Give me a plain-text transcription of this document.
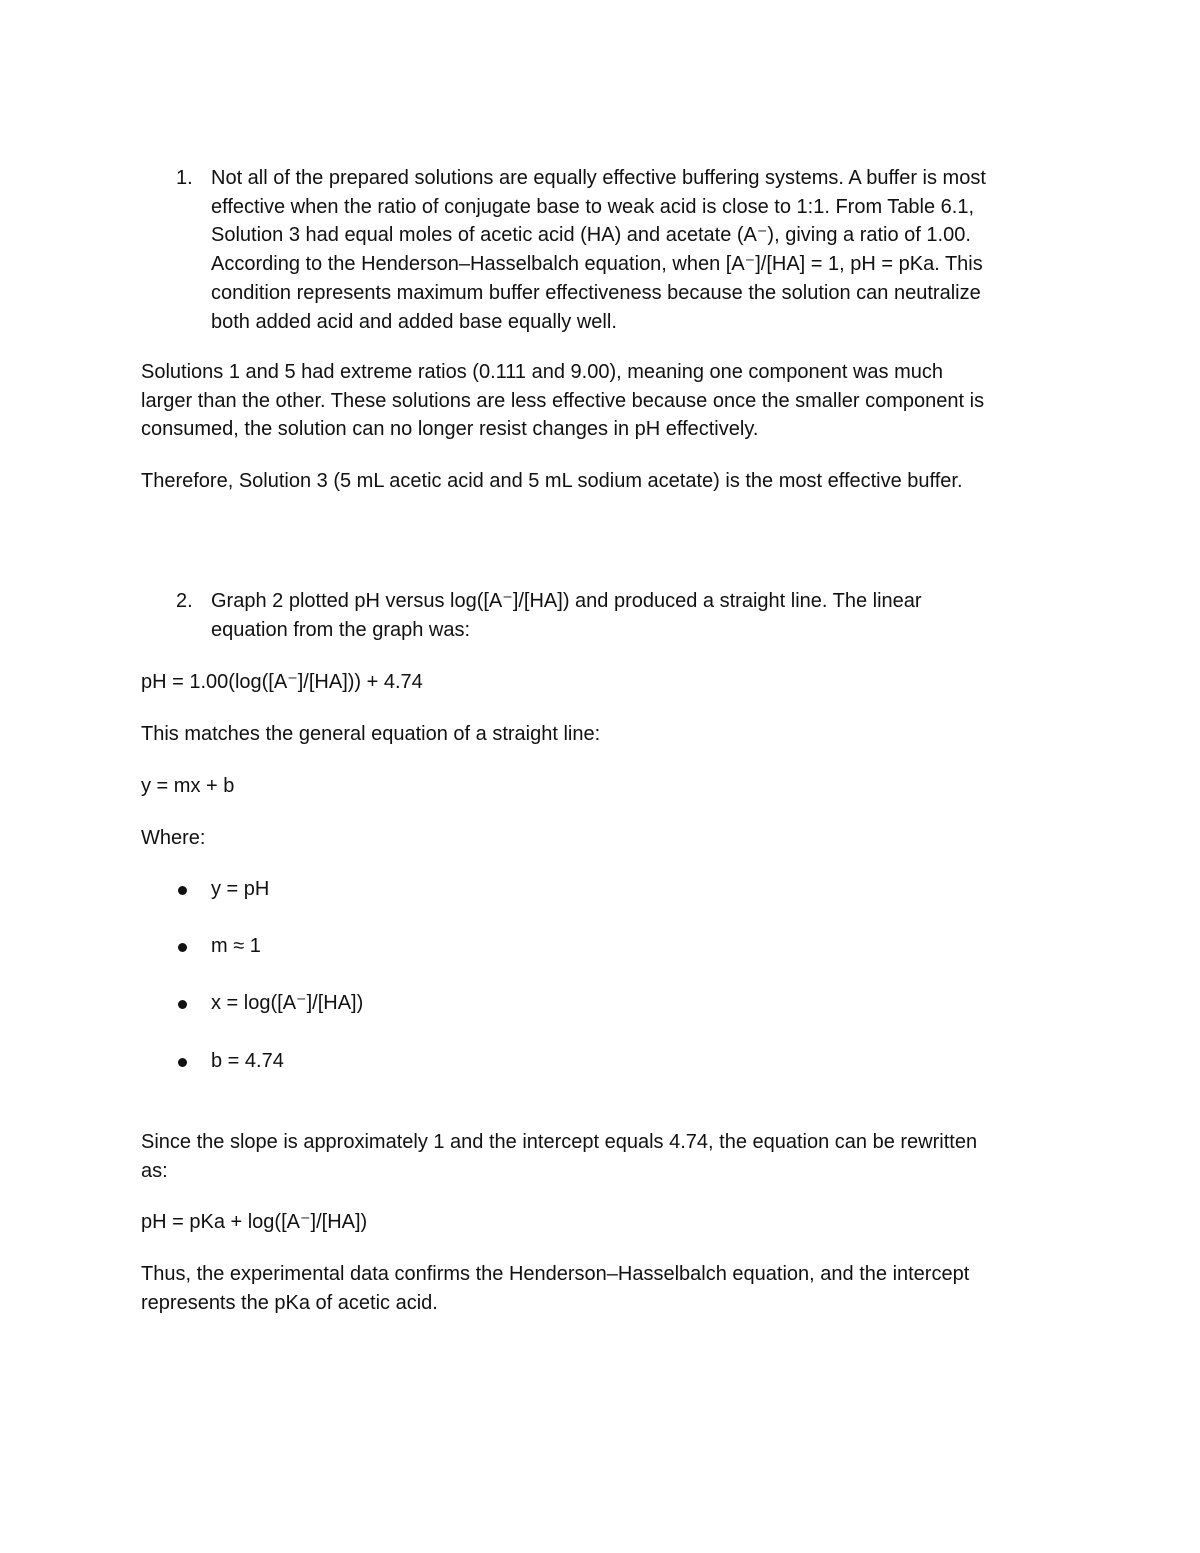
1. Not all of the prepared solutions are equally effective buffering systems. A buffer is most
effective when the ratio of conjugate base to weak acid is close to 1:1. From Table 6.1,
Solution 3 had equal moles of acetic acid (HA) and acetate (A⁻), giving a ratio of 1.00.
According to the Henderson–Hasselbalch equation, when [A⁻]/[HA] = 1, pH = pKa. This
condition represents maximum buffer effectiveness because the solution can neutralize
both added acid and added base equally well.
Solutions 1 and 5 had extreme ratios (0.111 and 9.00), meaning one component was much
larger than the other. These solutions are less effective because once the smaller component is
consumed, the solution can no longer resist changes in pH effectively.
Therefore, Solution 3 (5 mL acetic acid and 5 mL sodium acetate) is the most effective buffer.
2. Graph 2 plotted pH versus log([A⁻]/[HA]) and produced a straight line. The linear
equation from the graph was:
pH = 1.00(log([A⁻]/[HA])) + 4.74
This matches the general equation of a straight line:
y = mx + b
Where:
y = pH
m ≈ 1
x = log([A⁻]/[HA])
b = 4.74
Since the slope is approximately 1 and the intercept equals 4.74, the equation can be rewritten
as:
pH = pKa + log([A⁻]/[HA])
Thus, the experimental data confirms the Henderson–Hasselbalch equation, and the intercept
represents the pKa of acetic acid.
